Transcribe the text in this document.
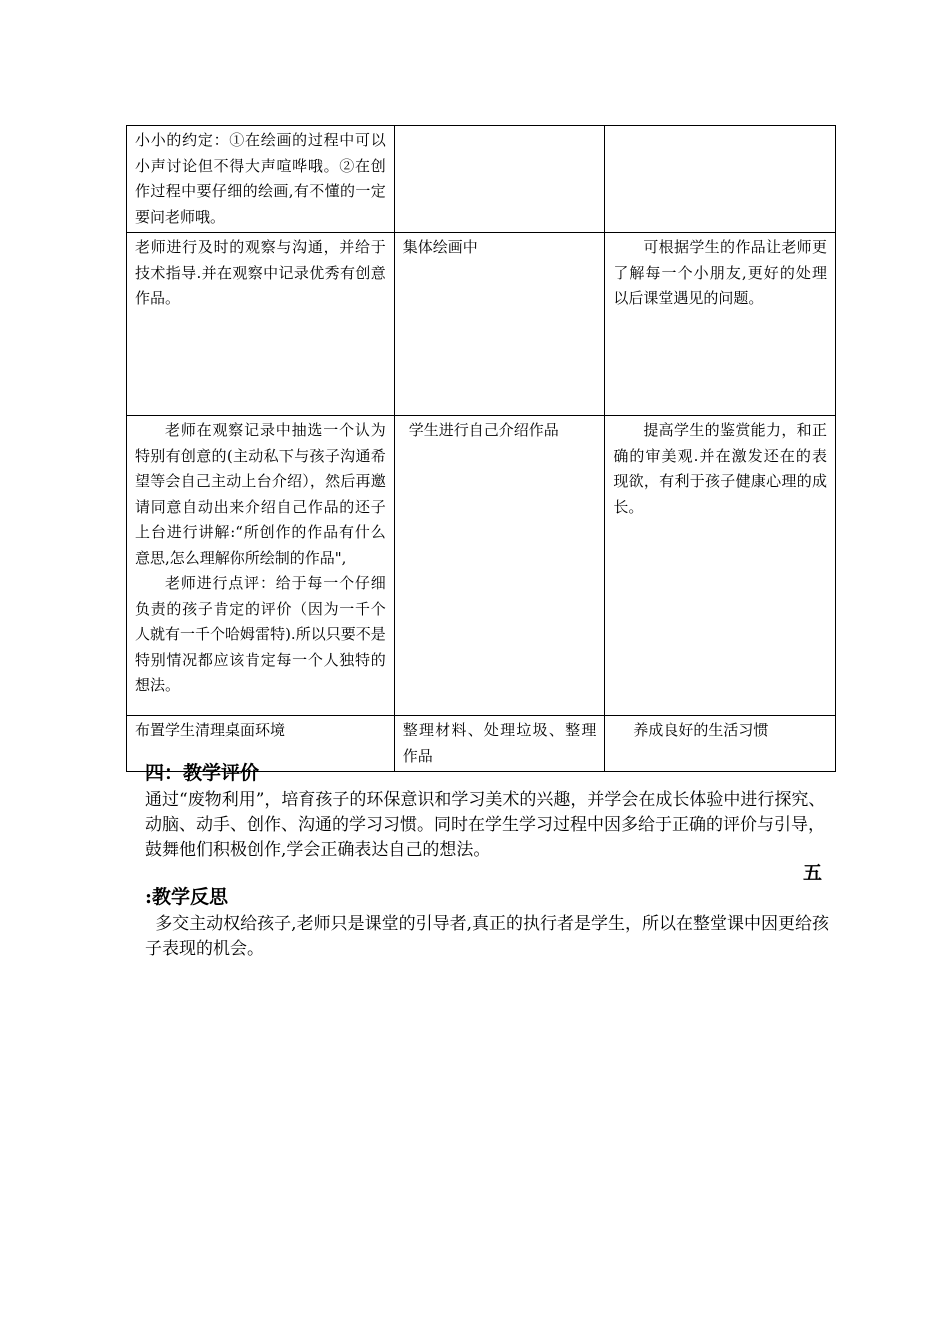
小小的约定：①在绘画的过程中可以小声讨论但不得大声喧哗哦。②在创作过程中要仔细的绘画,有不懂的一定要问老师哦。		
老师进行及时的观察与沟通，并给于技术指导.并在观察中记录优秀有创意作品。	集体绘画中	可根据学生的作品让老师更了解每一个小朋友,更好的处理以后课堂遇见的问题。

老师在观察记录中抽选一个认为特别有创意的(主动私下与孩子沟通希望等会自己主动上台介绍），然后再邀请同意自动出来介绍自己作品的还子上台进行讲解:“所创作的作品有什么意思,怎么理解你所绘制的作品",

老师进行点评：给于每一个仔细负责的孩子肯定的评价（因为一千个人就有一千个哈姆雷特).所以只要不是特别情况都应该肯定每一个人独特的想法。	学生进行自己介绍作品	提高学生的鉴赏能力，和正确的审美观.并在激发还在的表现欲，有利于孩子健康心理的成长。
布置学生清理桌面环境	整理材料、处理垃圾、整理作品	养成良好的生活习惯
四：教学评价

通过“废物利用”，培育孩子的环保意识和学习美术的兴趣，并学会在成长体验中进行探究、动脑、动手、创作、沟通的学习习惯。同时在学生学习过程中因多给于正确的评价与引导，鼓舞他们积极创作,学会正确表达自己的想法。

五
:教学反思

多交主动权给孩子,老师只是课堂的引导者,真正的执行者是学生，所以在整堂课中因更给孩子表现的机会。
